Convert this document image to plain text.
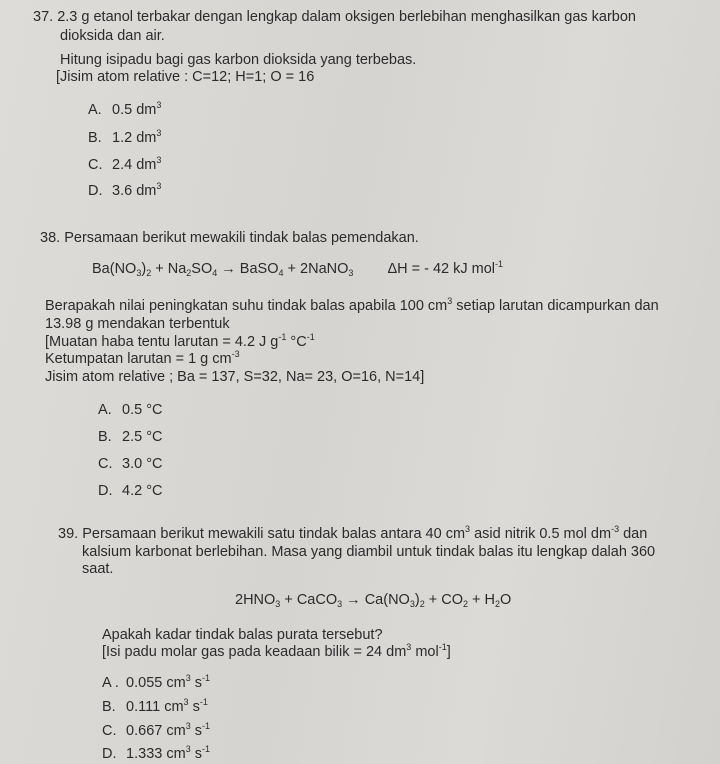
37. 2.3 g etanol terbakar dengan lengkap dalam oksigen berlebihan menghasilkan gas karbon
dioksida dan air.
Hitung isipadu bagi gas karbon dioksida yang terbebas.
[Jisim atom relative : C=12; H=1; O = 16
A. 0.5 $dm^3$
B. 1.2 $dm^3$
C. 2.4 $dm^3$
D. 3.6 $dm^3$
38. Persamaan berikut mewakili tindak balas pemendakan.
$Ba(NO_3)_2 + Na_2SO_4$ → BaSO$_4$ + 2NaNO$_3$ ΔH = - 42 kJ mol$^{-1}$
Berapakah nilai peningkatan suhu tindak balas apabila 100 $cm^3$ setiap larutan dicampurkan dan
13.98 g mendakan terbentuk
[Muatan haba tentu larutan = 4.2 J $g^{-1}$ $^\circ C^{-1}$
Ketumpatan larutan = 1 g $cm^{-3}$
Jisim atom relative ; Ba = 137, S=32, Na= 23, O=16, N=14]
A. 0.5 °C
B. 2.5 °C
C. 3.0 °C
D. 4.2 °C
39. Persamaan berikut mewakili satu tindak balas antara 40 $cm^3$ asid nitrik 0.5 mol $dm^{-3}$ dan
kalsium karbonat berlebihan. Masa yang diambil untuk tindak balas itu lengkap dalah 360
saat.
$2HNO_3$ + CaCO$_3$ → $Ca(NO_3)_2 + CO_2 + H_2O$
Apakah kadar tindak balas purata tersebut?
[Isi padu molar gas pada keadaan bilik = 24 $dm^3$ mol$^{-1}$]
A . 0.055 $cm^3$ $s^{-1}$
B. 0.111 $cm^3$ $s^{-1}$
C. 0.667 $cm^3$ $s^{-1}$
D. 1.333 $cm^3$ $s^{-1}$
